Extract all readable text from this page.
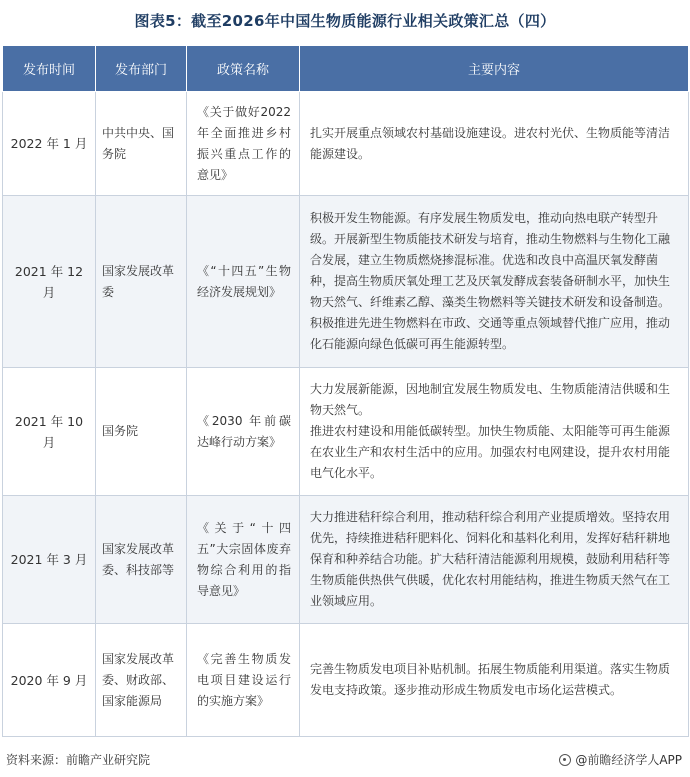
图表5：截至2026年中国生物质能源行业相关政策汇总（四）
发布时间	发布部门	政策名称	主要内容
2022 年 1 月	中共中央、国务院	《关于做好2022年全面推进乡村振兴重点工作的意见》	扎实开展重点领域农村基础设施建设。进农村光伏、生物质能等清洁能源建设。

2021 年 12 月	国家发展改革委	《“十四五”生物经济发展规划》	积极开发生物能源。有序发展生物质发电，推动向热电联产转型升级。开展新型生物质能技术研发与培育，推动生物燃料与生物化工融合发展，建立生物质燃烧掺混标准。优选和改良中高温厌氧发酵菌种，提高生物质厌氧处理工艺及厌氧发酵成套装备研制水平，加快生物天然气、纤维素乙醇、藻类生物燃料等关键技术研发和设备制造。积极推进先进生物燃料在市政、交通等重点领域替代推广应用，推动化石能源向绿色低碳可再生能源转型。

2021 年 10 月	国务院	《2030 年前碳达峰行动方案》	大力发展新能源，因地制宜发展生物质发电、生物质能清洁供暖和生物天然气。
推进农村建设和用能低碳转型。加快生物质能、太阳能等可再生能源在农业生产和农村生活中的应用。加强农村电网建设，提升农村用能电气化水平。

2021 年 3 月	国家发展改革委、科技部等	《关于“十四五”大宗固体废弃物综合利用的指导意见》	大力推进秸秆综合利用，推动秸秆综合利用产业提质增效。坚持农用优先，持续推进秸秆肥料化、饲料化和基料化利用，发挥好秸秆耕地保育和种养结合功能。扩大秸秆清洁能源利用规模，鼓励利用秸秆等生物质能供热供气供暖，优化农村用能结构，推进生物质天然气在工业领域应用。

2020 年 9 月	国家发展改革委、财政部、国家能源局	《完善生物质发电项目建设运行的实施方案》	完善生物质发电项目补贴机制。拓展生物质能利用渠道。落实生物质发电支持政策。逐步推动形成生物质发电市场化运营模式。
资料来源：前瞻产业研究院	@前瞻经济学人APP
